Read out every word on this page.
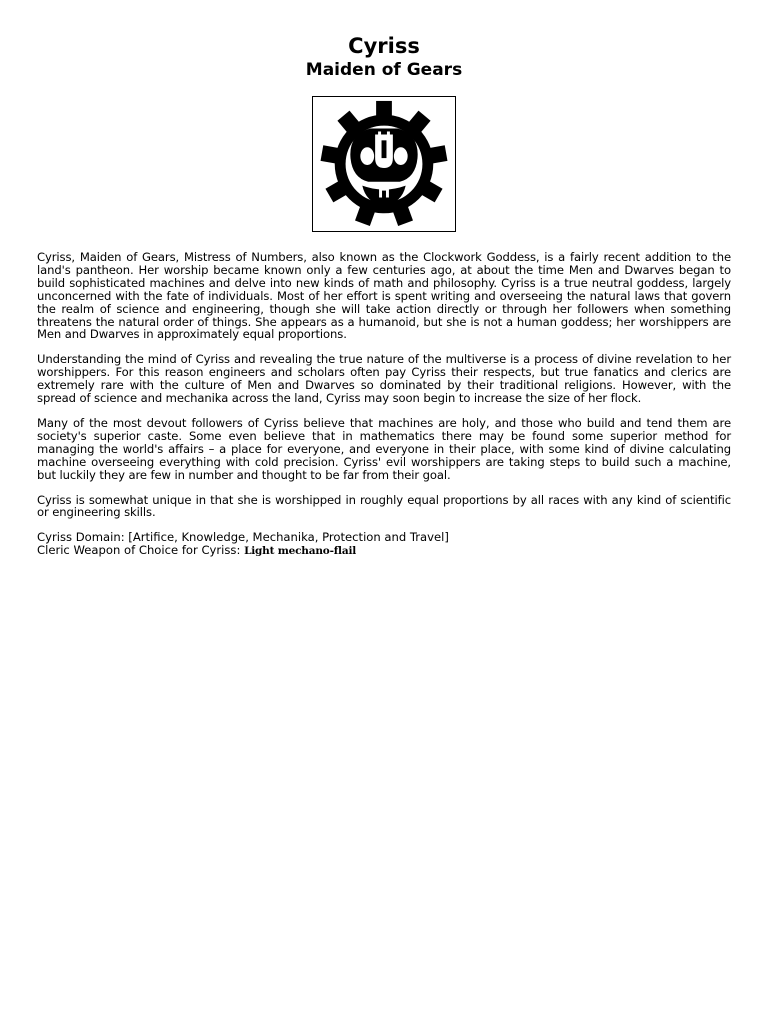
Cyriss
Maiden of Gears

Cyriss, Maiden of Gears, Mistress of Numbers, also known as the Clockwork Goddess, is a fairly recent addition to the land's pantheon. Her worship became known only a few centuries ago, at about the time Men and Dwarves began to build sophisticated machines and delve into new kinds of math and philosophy. Cyriss is a true neutral goddess, largely unconcerned with the fate of individuals. Most of her effort is spent writing and overseeing the natural laws that govern the realm of science and engineering, though she will take action directly or through her followers when something threatens the natural order of things. She appears as a humanoid, but she is not a human goddess; her worshippers are Men and Dwarves in approximately equal proportions.

Understanding the mind of Cyriss and revealing the true nature of the multiverse is a process of divine revelation to her worshippers. For this reason engineers and scholars often pay Cyriss their respects, but true fanatics and clerics are extremely rare with the culture of Men and Dwarves so dominated by their traditional religions. However, with the spread of science and mechanika across the land, Cyriss may soon begin to increase the size of her flock.

Many of the most devout followers of Cyriss believe that machines are holy, and those who build and tend them are society's superior caste. Some even believe that in mathematics there may be found some superior method for managing the world's affairs – a place for everyone, and everyone in their place, with some kind of divine calculating machine overseeing everything with cold precision. Cyriss' evil worshippers are taking steps to build such a machine, but luckily they are few in number and thought to be far from their goal.

Cyriss is somewhat unique in that she is worshipped in roughly equal proportions by all races with any kind of scientific or engineering skills.

Cyriss Domain: [Artifice, Knowledge, Mechanika, Protection and Travel]
Cleric Weapon of Choice for Cyriss: Light mechano-flail
